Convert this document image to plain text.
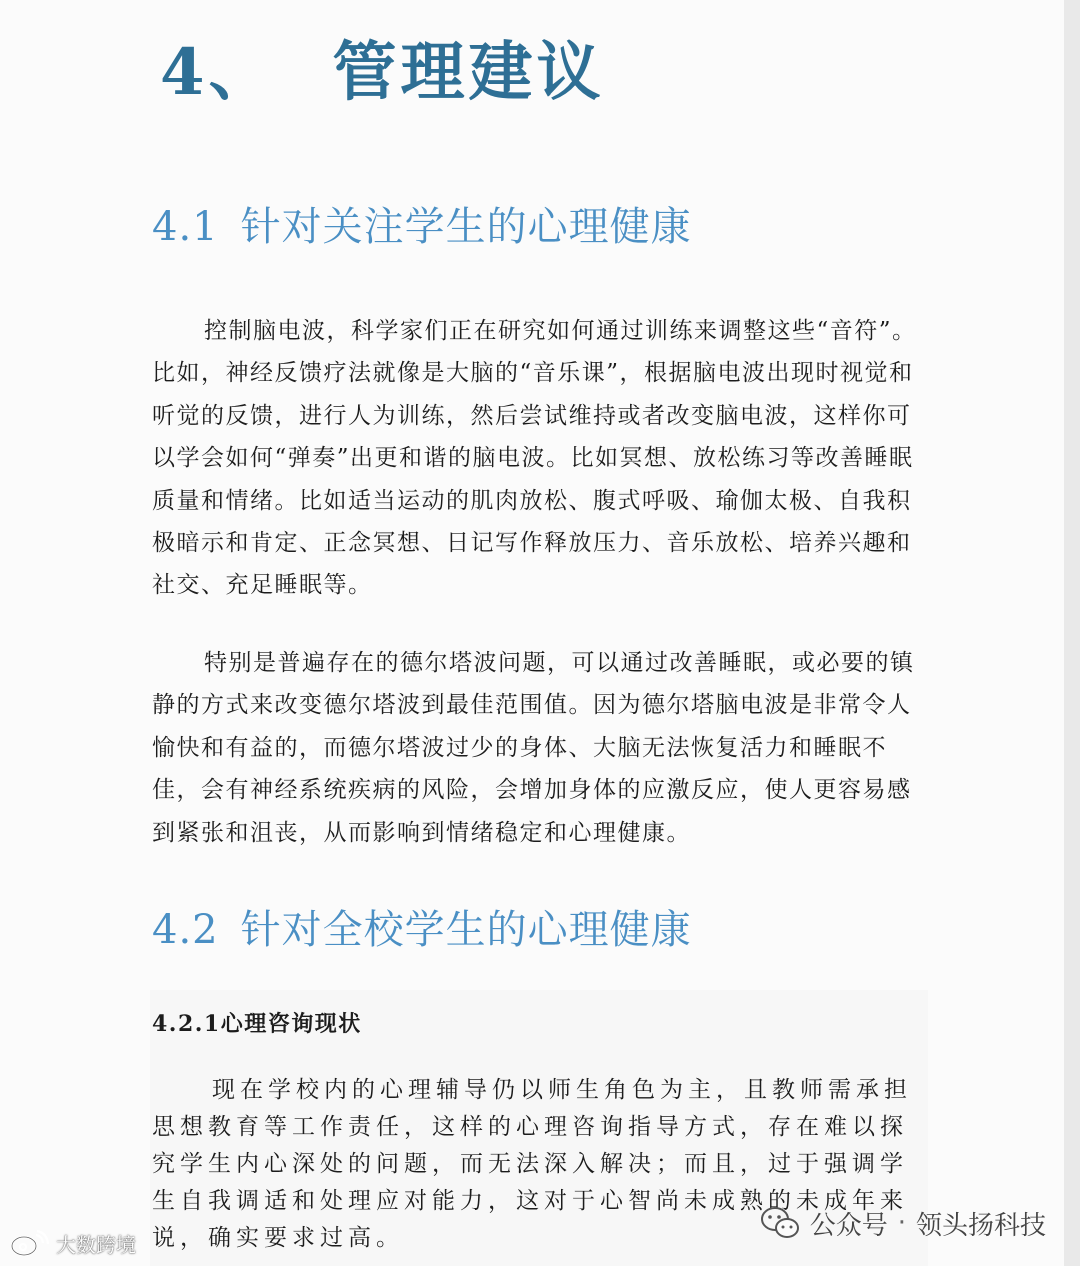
4、 管理建议
4.1 针对关注学生的心理健康

控制脑电波，科学家们正在研究如何通过训练来调整这些“音符”。比如，神经反馈疗法就像是大脑的“音乐课”，根据脑电波出现时视觉和听觉的反馈，进行人为训练，然后尝试维持或者改变脑电波，这样你可以学会如何“弹奏”出更和谐的脑电波。比如冥想、放松练习等改善睡眠质量和情绪。比如适当运动的肌肉放松、腹式呼吸、瑜伽太极、自我积极暗示和肯定、正念冥想、日记写作释放压力、音乐放松、培养兴趣和社交、充足睡眠等。

特别是普遍存在的德尔塔波问题，可以通过改善睡眠，或必要的镇静的方式来改变德尔塔波到最佳范围值。因为德尔塔脑电波是非常令人愉快和有益的，而德尔塔波过少的身体、大脑无法恢复活力和睡眠不佳，会有神经系统疾病的风险，会增加身体的应激反应，使人更容易感到紧张和沮丧，从而影响到情绪稳定和心理健康。

4.2 针对全校学生的心理健康
4.2.1心理咨询现状

现在学校内的心理辅导仍以师生角色为主，且教师需承担思想教育等工作责任，这样的心理咨询指导方式，存在难以探究学生内心深处的问题，而无法深入解决；而且，过于强调学生自我调适和处理应对能力，这对于心智尚未成熟的未成年来说，确实要求过高。

大数跨境
公众号 · 领头扬科技
